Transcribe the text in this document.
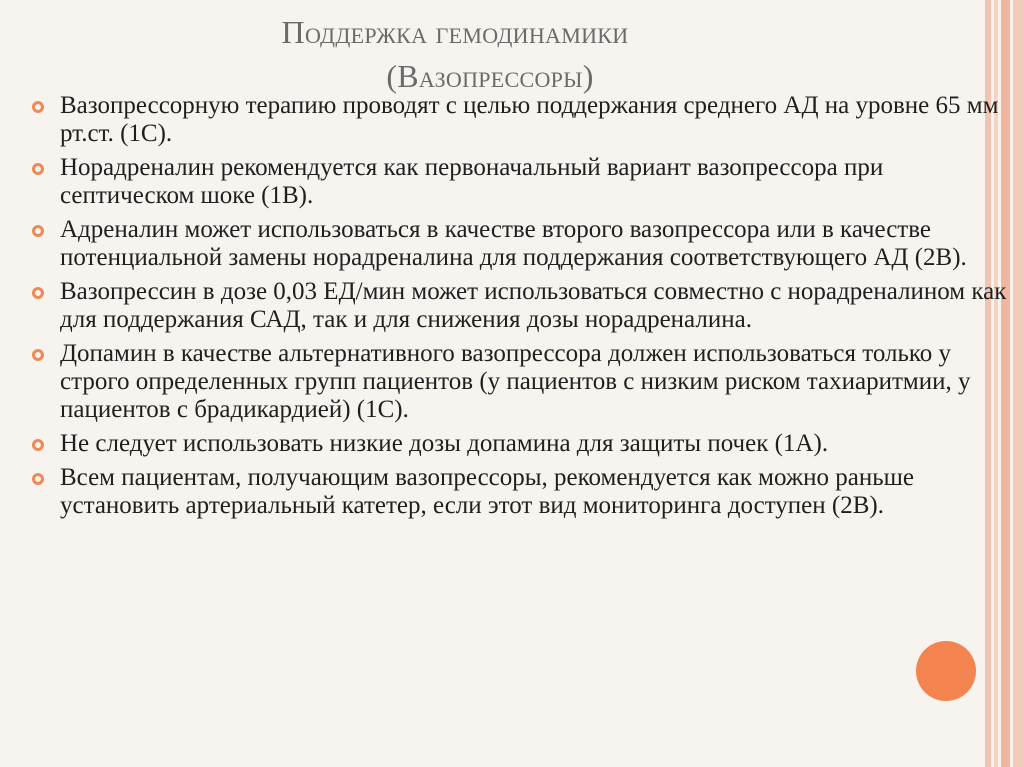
Поддержка гемодинамики
(Вазопрессоры)
Вазопрессорную терапию проводят с целью поддержания среднего АД на уровне 65 мм рт.ст. (1С).
Норадреналин рекомендуется как первоначальный вариант вазопрессора при септическом шоке (1В).
Адреналин может использоваться в качестве второго вазопрессора или в качестве потенциальной замены норадреналина для поддержания соответствующего АД (2В).
Вазопрессин в дозе 0,03 ЕД/мин может использоваться совместно с норадреналином как для поддержания САД, так и для снижения дозы норадреналина.
Допамин в качестве альтернативного вазопрессора должен использоваться только у строго определенных групп пациентов (у пациентов с низким риском тахиаритмии, у пациентов с брадикардией) (1С).
Не следует использовать низкие дозы допамина для защиты почек (1А).
Всем пациентам, получающим вазопрессоры, рекомендуется как можно раньше установить артериальный катетер, если этот вид мониторинга доступен (2В).
